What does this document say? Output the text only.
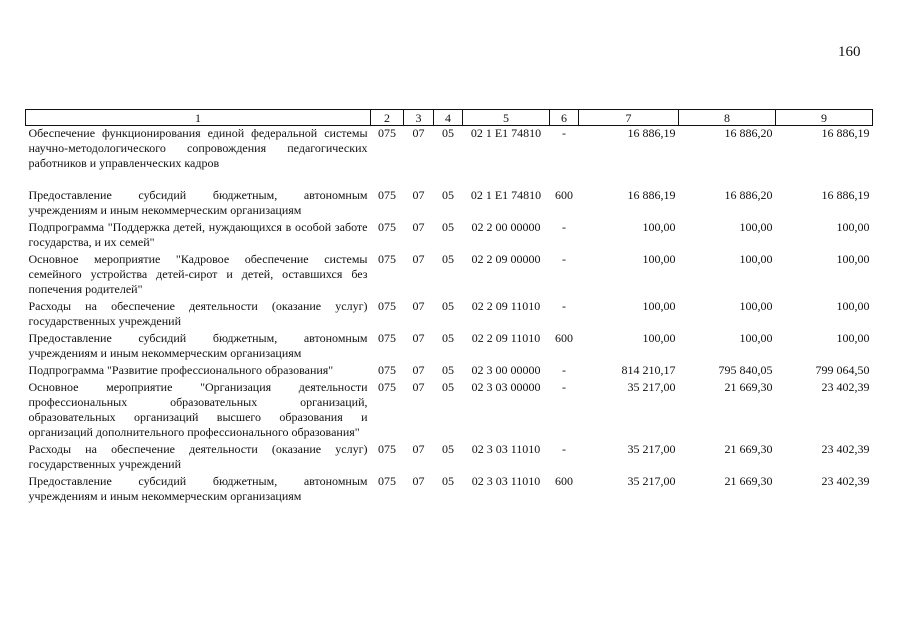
160
1	2	3	4	5	6	7	8	9
Обеспечение функционирования единой федеральной системы научно-методологического сопровождения педагогических работников и управленческих кадров	075	07	05	02 1 E1 74810	-	16 886,19	16 886,20	16 886,19

Предоставление субсидий бюджетным, автономным учреждениям и иным некоммерческим организациям	075	07	05	02 1 E1 74810	600	16 886,19	16 886,20	16 886,19
Подпрограмма "Поддержка детей, нуждающихся в особой заботе государства, и их семей"	075	07	05	02 2 00 00000	-	100,00	100,00	100,00
Основное мероприятие "Кадровое обеспечение системы семейного устройства детей-сирот и детей, оставшихся без попечения родителей"	075	07	05	02 2 09 00000	-	100,00	100,00	100,00
Расходы на обеспечение деятельности (оказание услуг) государственных учреждений	075	07	05	02 2 09 11010	-	100,00	100,00	100,00
Предоставление субсидий бюджетным, автономным учреждениям и иным некоммерческим организациям	075	07	05	02 2 09 11010	600	100,00	100,00	100,00
Подпрограмма "Развитие профессионального образования"	075	07	05	02 3 00 00000	-	814 210,17	795 840,05	799 064,50
Основное мероприятие "Организация деятельности профессиональных образовательных организаций, образовательных организаций высшего образования и организаций дополнительного профессионального образования"	075	07	05	02 3 03 00000	-	35 217,00	21 669,30	23 402,39
Расходы на обеспечение деятельности (оказание услуг) государственных учреждений	075	07	05	02 3 03 11010	-	35 217,00	21 669,30	23 402,39
Предоставление субсидий бюджетным, автономным учреждениям и иным некоммерческим организациям	075	07	05	02 3 03 11010	600	35 217,00	21 669,30	23 402,39
